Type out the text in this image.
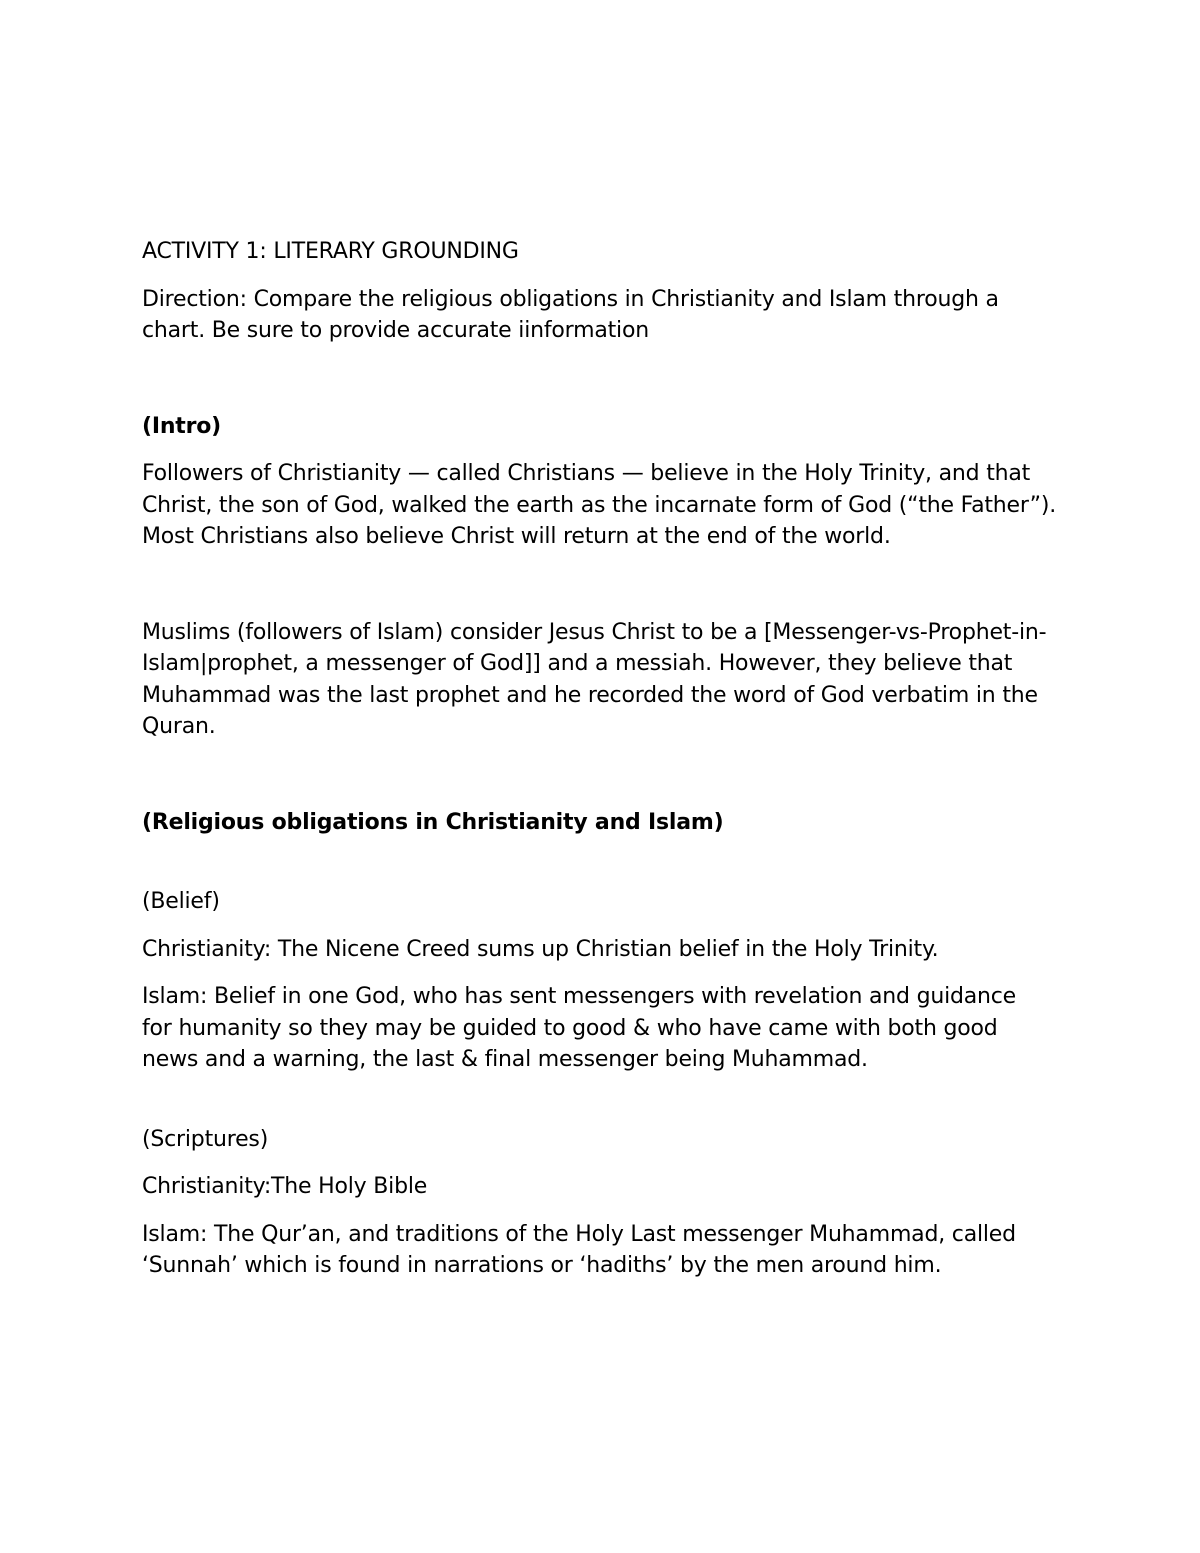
ACTIVITY 1: LITERARY GROUNDING

Direction: Compare the religious obligations in Christianity and Islam through a chart. Be sure to provide accurate iinformation

(Intro)

Followers of Christianity — called Christians — believe in the Holy Trinity, and that Christ, the son of God, walked the earth as the incarnate form of God (“the Father”). Most Christians also believe Christ will return at the end of the world.

Muslims (followers of Islam) consider Jesus Christ to be a [Messenger-vs-Prophet-in-Islam|prophet, a messenger of God]] and a messiah. However, they believe that Muhammad was the last prophet and he recorded the word of God verbatim in the Quran.

(Religious obligations in Christianity and Islam)

(Belief)

Christianity: The Nicene Creed sums up Christian belief in the Holy Trinity.

Islam: Belief in one God, who has sent messengers with revelation and guidance for humanity so they may be guided to good & who have came with both good news and a warning, the last & final messenger being Muhammad.

(Scriptures)

Christianity:The Holy Bible

Islam: The Qur’an, and traditions of the Holy Last messenger Muhammad, called ‘Sunnah’ which is found in narrations or ‘hadiths’ by the men around him.
